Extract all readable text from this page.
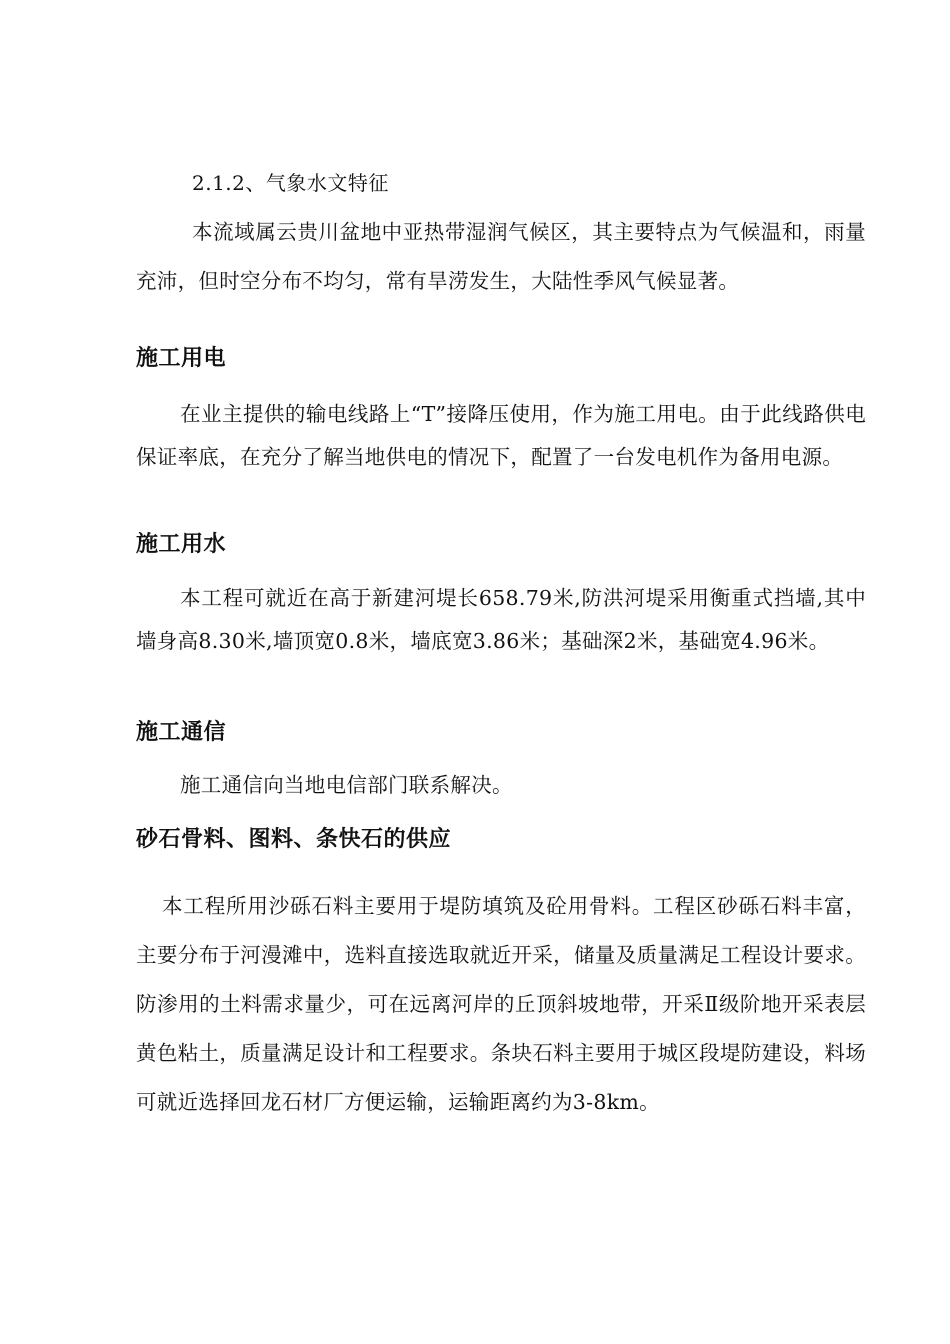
2.1.2、气象水文特征

本流域属云贵川盆地中亚热带湿润气候区，其主要特点为气候温和，雨量充沛，但时空分布不均匀，常有旱涝发生，大陆性季风气候显著。

施工用电

在业主提供的输电线路上“T”接降压使用，作为施工用电。由于此线路供电保证率底，在充分了解当地供电的情况下，配置了一台发电机作为备用电源。

施工用水

本工程可就近在高于新建河堤长658.79米,防洪河堤采用衡重式挡墙,其中墙身高8.30米,墙顶宽0.8米，墙底宽3.86米；基础深2米，基础宽4.96米。

施工通信

施工通信向当地电信部门联系解决。

砂石骨料、图料、条快石的供应

本工程所用沙砾石料主要用于堤防填筑及砼用骨料。工程区砂砾石料丰富，主要分布于河漫滩中，选料直接选取就近开采，储量及质量满足工程设计要求。防渗用的土料需求量少，可在远离河岸的丘顶斜坡地带，开采Ⅱ级阶地开采表层黄色粘土，质量满足设计和工程要求。条块石料主要用于城区段堤防建设，料场可就近选择回龙石材厂方便运输，运输距离约为3-8km。
